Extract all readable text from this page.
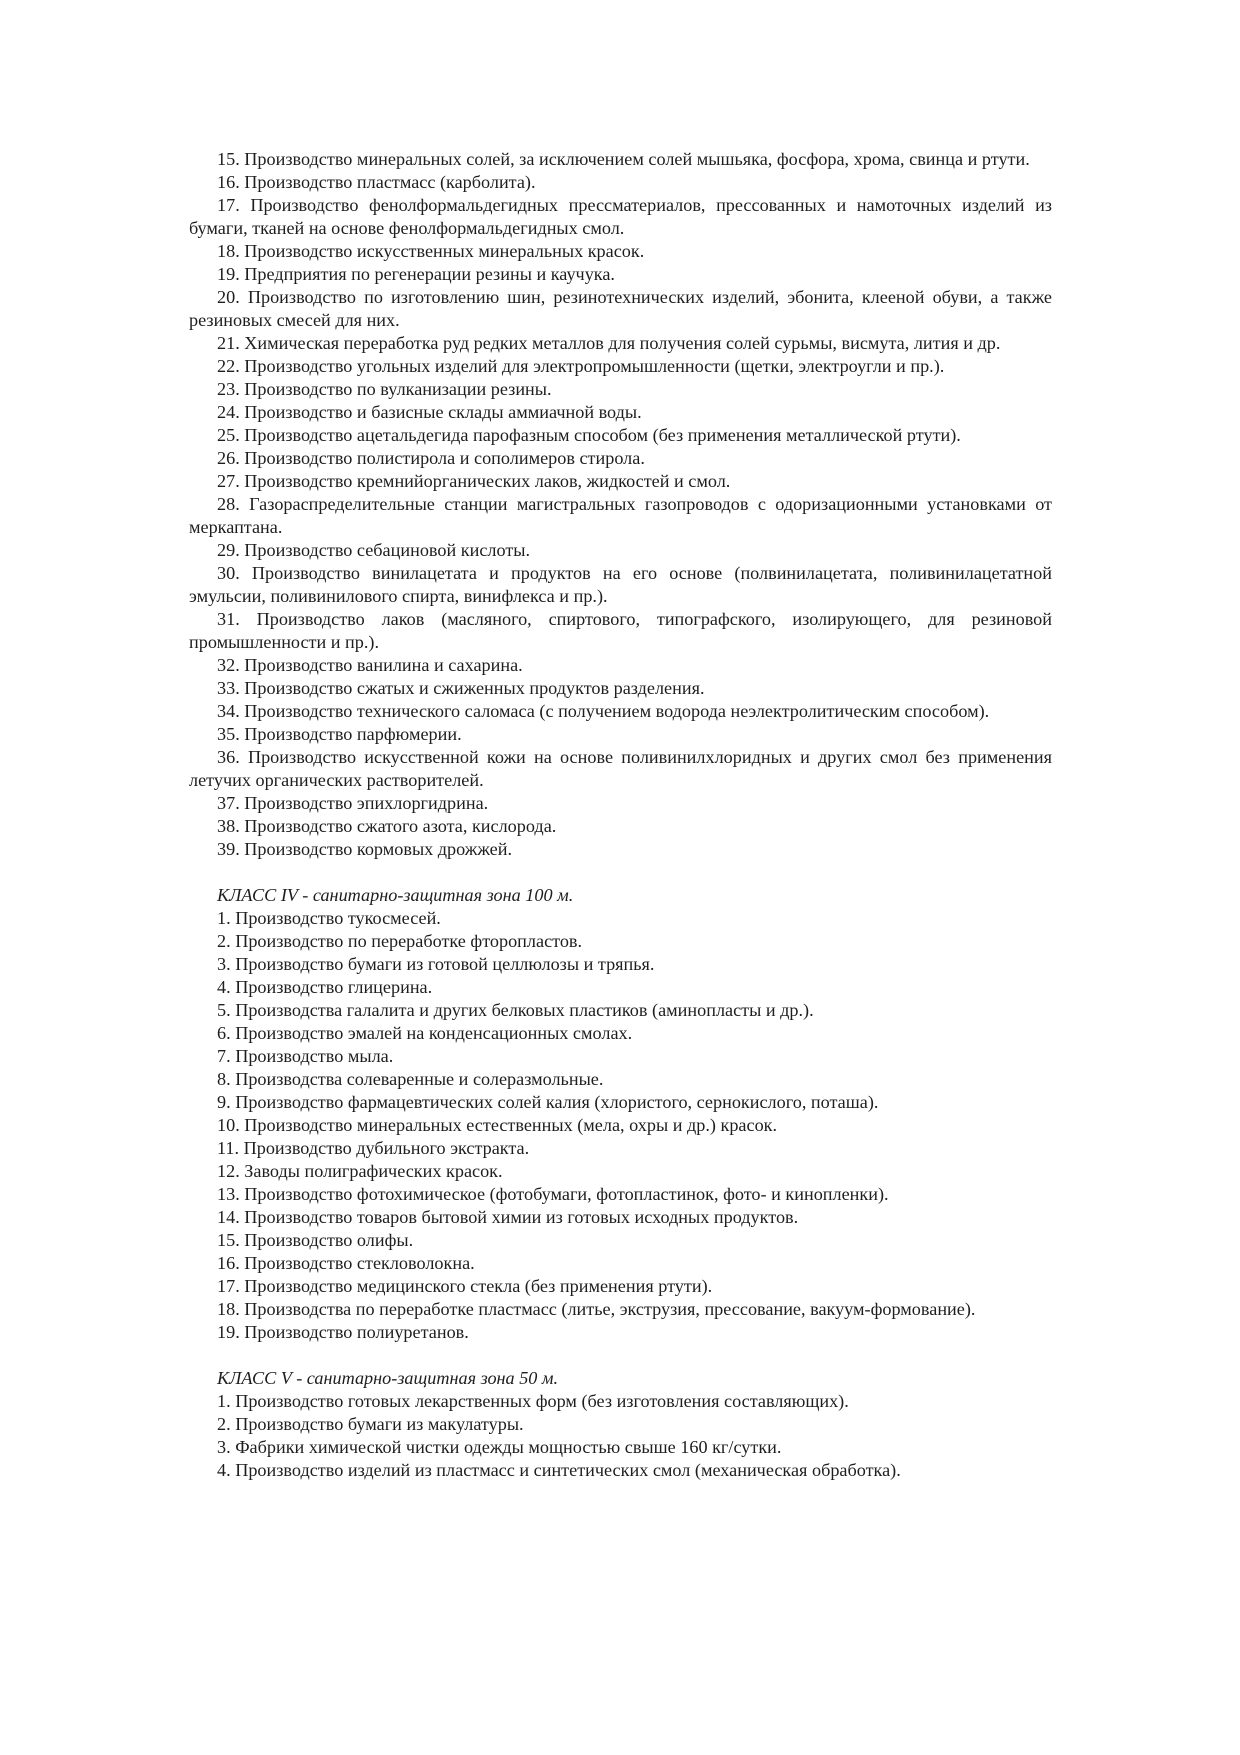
15. Производство минеральных солей, за исключением солей мышьяка, фосфора, хрома, свинца и ртути.

16. Производство пластмасс (карболита).

17. Производство фенолформальдегидных прессматериалов, прессованных и намоточных изделий из бумаги, тканей на основе фенолформальдегидных смол.

18. Производство искусственных минеральных красок.

19. Предприятия по регенерации резины и каучука.

20. Производство по изготовлению шин, резинотехнических изделий, эбонита, клееной обуви, а также резиновых смесей для них.

21. Химическая переработка руд редких металлов для получения солей сурьмы, висмута, лития и др.

22. Производство угольных изделий для электропромышленности (щетки, электроугли и пр.).

23. Производство по вулканизации резины.

24. Производство и базисные склады аммиачной воды.

25. Производство ацетальдегида парофазным способом (без применения металлической ртути).

26. Производство полистирола и сополимеров стирола.

27. Производство кремнийорганических лаков, жидкостей и смол.

28. Газораспределительные станции магистральных газопроводов с одоризационными установками от меркаптана.

29. Производство себациновой кислоты.

30. Производство винилацетата и продуктов на его основе (полвинилацетата, поливинилацетатной эмульсии, поливинилового спирта, винифлекса и пр.).

31. Производство лаков (масляного, спиртового, типографского, изолирующего, для резиновой промышленности и пр.).

32. Производство ванилина и сахарина.

33. Производство сжатых и сжиженных продуктов разделения.

34. Производство технического саломаса (с получением водорода неэлектролитическим способом).

35. Производство парфюмерии.

36. Производство искусственной кожи на основе поливинилхлоридных и других смол без применения летучих органических растворителей.

37. Производство эпихлоргидрина.

38. Производство сжатого азота, кислорода.

39. Производство кормовых дрожжей.

КЛАСС IV - санитарно-защитная зона 100 м.

1. Производство тукосмесей.

2. Производство по переработке фторопластов.

3. Производство бумаги из готовой целлюлозы и тряпья.

4. Производство глицерина.

5. Производства галалита и других белковых пластиков (аминопласты и др.).

6. Производство эмалей на конденсационных смолах.

7. Производство мыла.

8. Производства солеваренные и солеразмольные.

9. Производство фармацевтических солей калия (хлористого, сернокислого, поташа).

10. Производство минеральных естественных (мела, охры и др.) красок.

11. Производство дубильного экстракта.

12. Заводы полиграфических красок.

13. Производство фотохимическое (фотобумаги, фотопластинок, фото- и кинопленки).

14. Производство товаров бытовой химии из готовых исходных продуктов.

15. Производство олифы.

16. Производство стекловолокна.

17. Производство медицинского стекла (без применения ртути).

18. Производства по переработке пластмасс (литье, экструзия, прессование, вакуум-формование).

19. Производство полиуретанов.

КЛАСС V - санитарно-защитная зона 50 м.

1. Производство готовых лекарственных форм (без изготовления составляющих).

2. Производство бумаги из макулатуры.

3. Фабрики химической чистки одежды мощностью свыше 160 кг/сутки.

4. Производство изделий из пластмасс и синтетических смол (механическая обработка).
